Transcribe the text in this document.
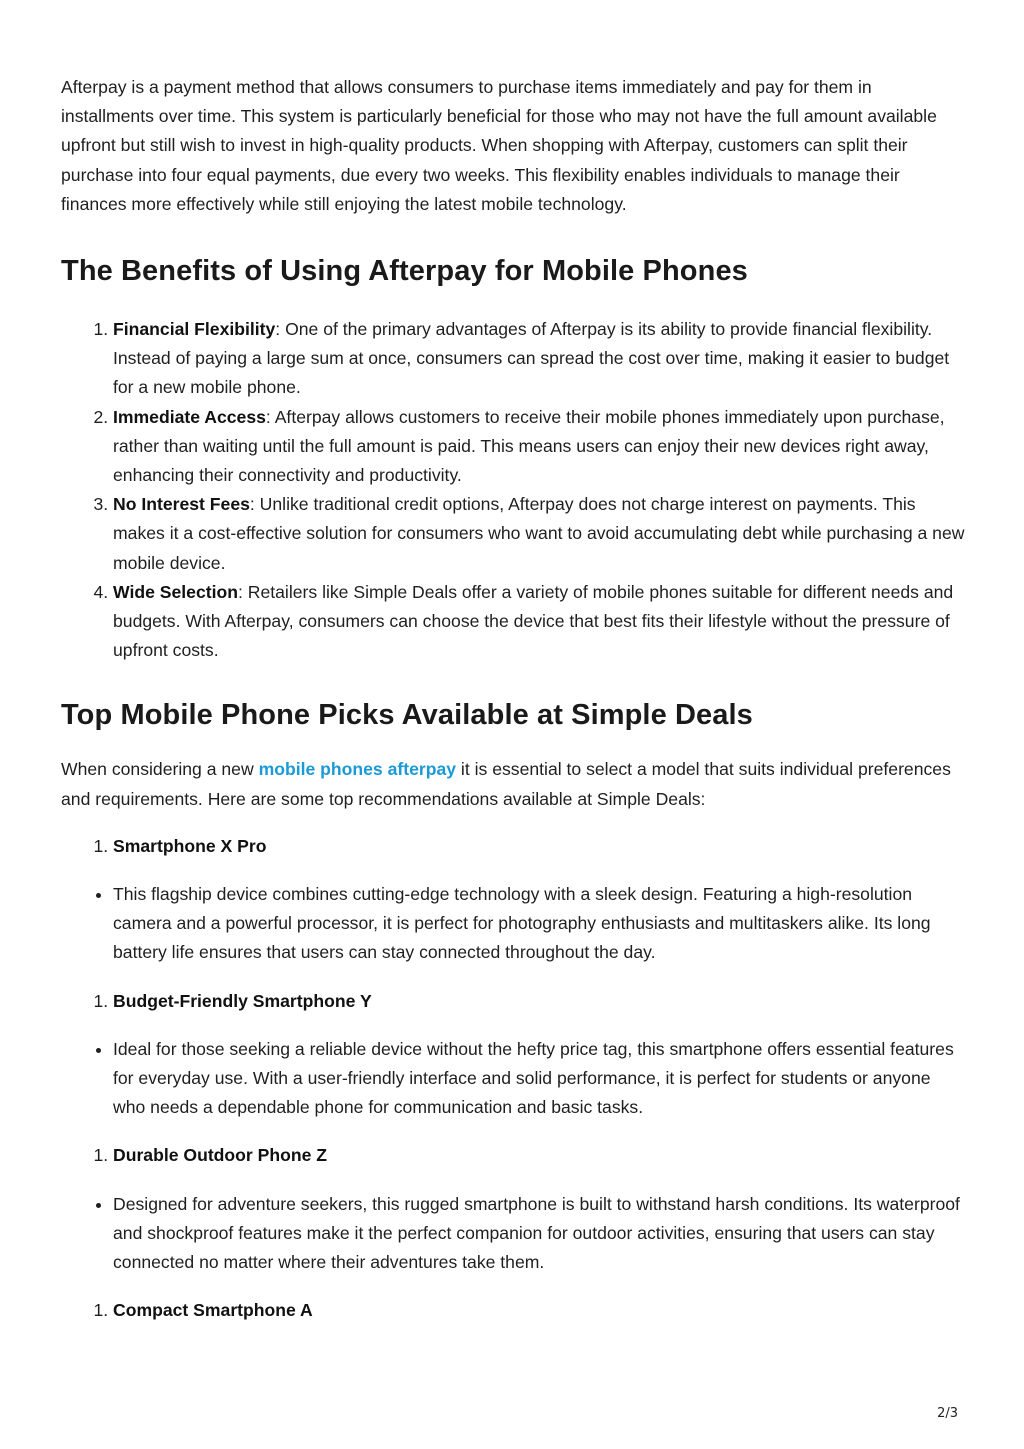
Afterpay is a payment method that allows consumers to purchase items immediately and pay for them in installments over time. This system is particularly beneficial for those who may not have the full amount available upfront but still wish to invest in high-quality products. When shopping with Afterpay, customers can split their purchase into four equal payments, due every two weeks. This flexibility enables individuals to manage their finances more effectively while still enjoying the latest mobile technology.

The Benefits of Using Afterpay for Mobile Phones
1. Financial Flexibility: One of the primary advantages of Afterpay is its ability to provide financial flexibility. Instead of paying a large sum at once, consumers can spread the cost over time, making it easier to budget for a new mobile phone.
2. Immediate Access: Afterpay allows customers to receive their mobile phones immediately upon purchase, rather than waiting until the full amount is paid. This means users can enjoy their new devices right away, enhancing their connectivity and productivity.
3. No Interest Fees: Unlike traditional credit options, Afterpay does not charge interest on payments. This makes it a cost-effective solution for consumers who want to avoid accumulating debt while purchasing a new mobile device.
4. Wide Selection: Retailers like Simple Deals offer a variety of mobile phones suitable for different needs and budgets. With Afterpay, consumers can choose the device that best fits their lifestyle without the pressure of upfront costs.
Top Mobile Phone Picks Available at Simple Deals

When considering a new mobile phones afterpay it is essential to select a model that suits individual preferences and requirements. Here are some top recommendations available at Simple Deals:

1. Smartphone X Pro
• This flagship device combines cutting-edge technology with a sleek design. Featuring a high-resolution camera and a powerful processor, it is perfect for photography enthusiasts and multitaskers alike. Its long battery life ensures that users can stay connected throughout the day.
1. Budget-Friendly Smartphone Y
• Ideal for those seeking a reliable device without the hefty price tag, this smartphone offers essential features for everyday use. With a user-friendly interface and solid performance, it is perfect for students or anyone who needs a dependable phone for communication and basic tasks.
1. Durable Outdoor Phone Z
• Designed for adventure seekers, this rugged smartphone is built to withstand harsh conditions. Its waterproof and shockproof features make it the perfect companion for outdoor activities, ensuring that users can stay connected no matter where their adventures take them.
1. Compact Smartphone A
2/3
